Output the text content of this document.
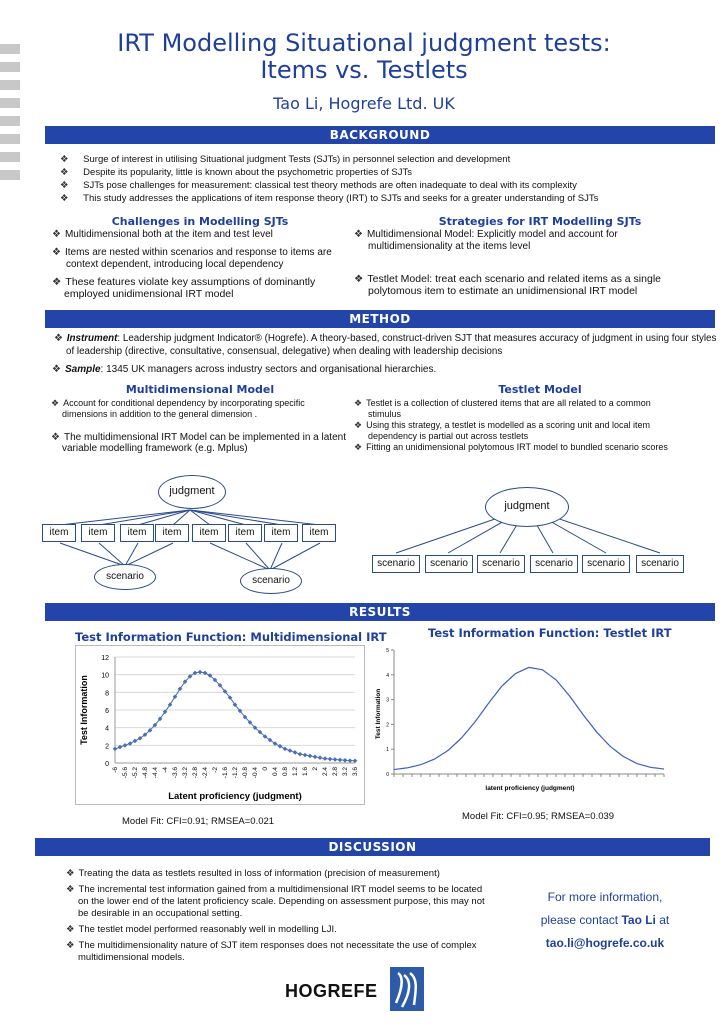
IRT Modelling Situational judgment tests:
Items vs. Testlets
Tao Li, Hogrefe Ltd. UK
BACKGROUND
❖ Surge of interest in utilising Situational judgment Tests (SJTs) in personnel selection and development
❖ Despite its popularity, little is known about the psychometric properties of SJTs
❖ SJTs pose challenges for measurement: classical test theory methods are often inadequate to deal with its complexity
❖ This study addresses the applications of item response theory (IRT) to SJTs and seeks for a greater understanding of SJTs
Challenges in Modelling SJTs
❖ Multidimensional both at the item and test level
❖ Items are nested within scenarios and response to items are context dependent, introducing local dependency
❖ These features violate key assumptions of dominantly employed unidimensional IRT model
Strategies for IRT Modelling SJTs
❖ Multidimensional Model: Explicitly model and account for multidimensionality at the items level
❖ Testlet Model: treat each scenario and related items as a single polytomous item to estimate an unidimensional IRT model
METHOD
❖ Instrument: Leadership judgment Indicator® (Hogrefe). A theory-based, construct-driven SJT that measures accuracy of judgment in using four styles of leadership (directive, consultative, consensual, delegative) when dealing with leadership decisions
❖ Sample: 1345 UK managers across industry sectors and organisational hierarchies.
Multidimensional Model
❖ Account for conditional dependency by incorporating specific dimensions in addition to the general dimension .
❖ The multidimensional IRT Model can be implemented in a latent variable modelling framework (e.g. Mplus)
Testlet Model
❖ Testlet is a collection of clustered items that are all related to a common stimulus
❖ Using this strategy, a testlet is modelled as a scoring unit and local item dependency is partial out across testlets
❖ Fitting an unidimensional polytomous IRT model to bundled scenario scores
judgment
item	item	item	item	item	item	item	item
scenario	scenario
judgment
scenario	scenario	scenario	scenario	scenario	scenario
RESULTS
Test Information Function: Multidimensional IRT	Test Information Function: Testlet IRT
0
2
4
6
8
10
12
-6 -5.6 -5.2 -4.8 -4.4 -4 -3.6 -3.2 -2.8 -2.4 -2 -1.6 -1.2 -0.8 -0.4 0 0.4 0.8 1.2 1.6 2 2.4 2.8 3.2 3.6
Test Information
Latent proficiency (judgment)
0
1
2
3
4
5
Test Information
latent proficiency (judgment)
Model Fit: CFI=0.91; RMSEA=0.021	Model Fit: CFI=0.95; RMSEA=0.039
DISCUSSION
❖ Treating the data as testlets resulted in loss of information (precision of measurement)
❖ The incremental test information gained from a multidimensional IRT model seems to be located on the lower end of the latent proficiency scale. Depending on assessment purpose, this may not be desirable in an occupational setting.
❖ The testlet model performed reasonably well in modelling LJI.
❖ The multidimensionality nature of SJT item responses does not necessitate the use of complex multidimensional models.
For more information,
please contact Tao Li at
tao.li@hogrefe.co.uk
HOGREFE
